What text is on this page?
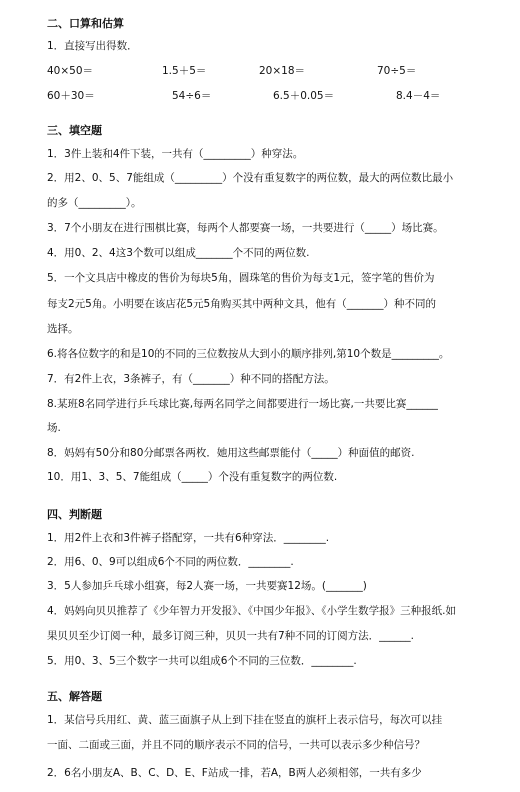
二、口算和估算
1．直接写出得数．
40×50＝	1.5＋5＝	20×18＝	70÷5＝
60＋30＝	54÷6＝	6.5＋0.05＝	8.4－4＝
三、填空题
1．3件上装和4件下装，一共有（_________）种穿法。
2．用2、0、5、7能组成（_________）个没有重复数字的两位数，最大的两位数比最小
的多（_________）。
3．7个小朋友在进行围棋比赛，每两个人都要赛一场，一共要进行（_____）场比赛。
4．用0、2、4这3个数可以组成_______个不同的两位数.
5．一个文具店中橡皮的售价为每块5角，圆珠笔的售价为每支1元，签字笔的售价为
每支2元5角。小明要在该店花5元5角购买其中两种文具，他有（_______）种不同的
选择。
6.将各位数字的和是10的不同的三位数按从大到小的顺序排列,第10个数是_________。
7．有2件上衣，3条裤子，有（_______）种不同的搭配方法。
8.某班8名同学进行乒乓球比赛,每两名同学之间都要进行一场比赛,一共要比赛______
场.
8．妈妈有50分和80分邮票各两枚．她用这些邮票能付（_____）种面值的邮资.
10．用1、3、5、7能组成（_____）个没有重复数字的两位数.
四、判断题
1．用2件上衣和3件裤子搭配穿，一共有6种穿法．________.
2．用6、0、9可以组成6个不同的两位数．________.
3．5人参加乒乓球小组赛，每2人赛一场，一共要赛12场。(_______)
4．妈妈向贝贝推荐了《少年智力开发报》、《中国少年报》、《小学生数学报》三种报纸.如
果贝贝至少订阅一种，最多订阅三种，贝贝一共有7种不同的订阅方法．______.
5．用0、3、5三个数字一共可以组成6个不同的三位数．________.
五、解答题
1．某信号兵用红、黄、蓝三面旗子从上到下挂在竖直的旗杆上表示信号，每次可以挂
一面、二面或三面，并且不同的顺序表示不同的信号，一共可以表示多少种信号？
2．6名小朋友A、B、C、D、E、F站成一排，若A，B两人必须相邻，一共有多少
